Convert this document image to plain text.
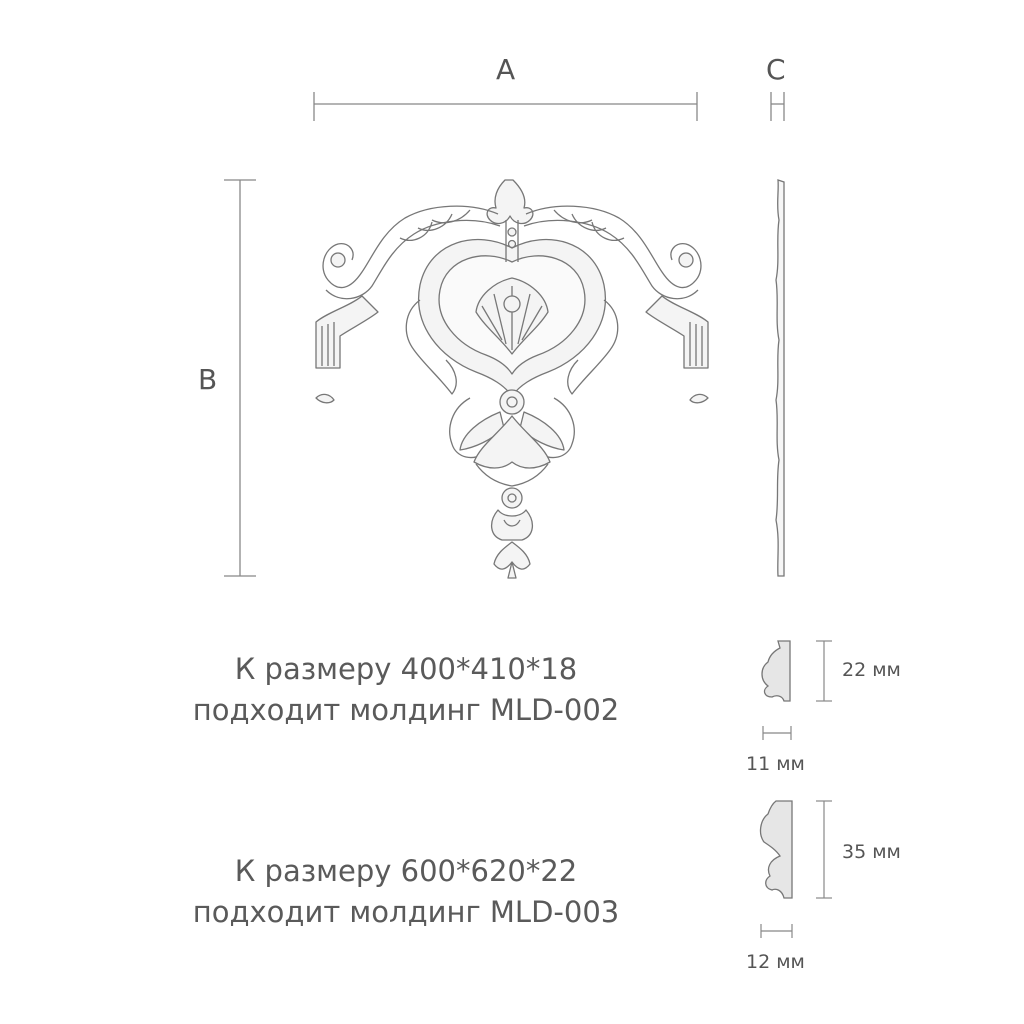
A	C
B
К размеру 400*410*18
подходит молдинг MLD-002
К размеру 600*620*22
подходит молдинг MLD-003
22 мм
11 мм
35 мм
12 мм
